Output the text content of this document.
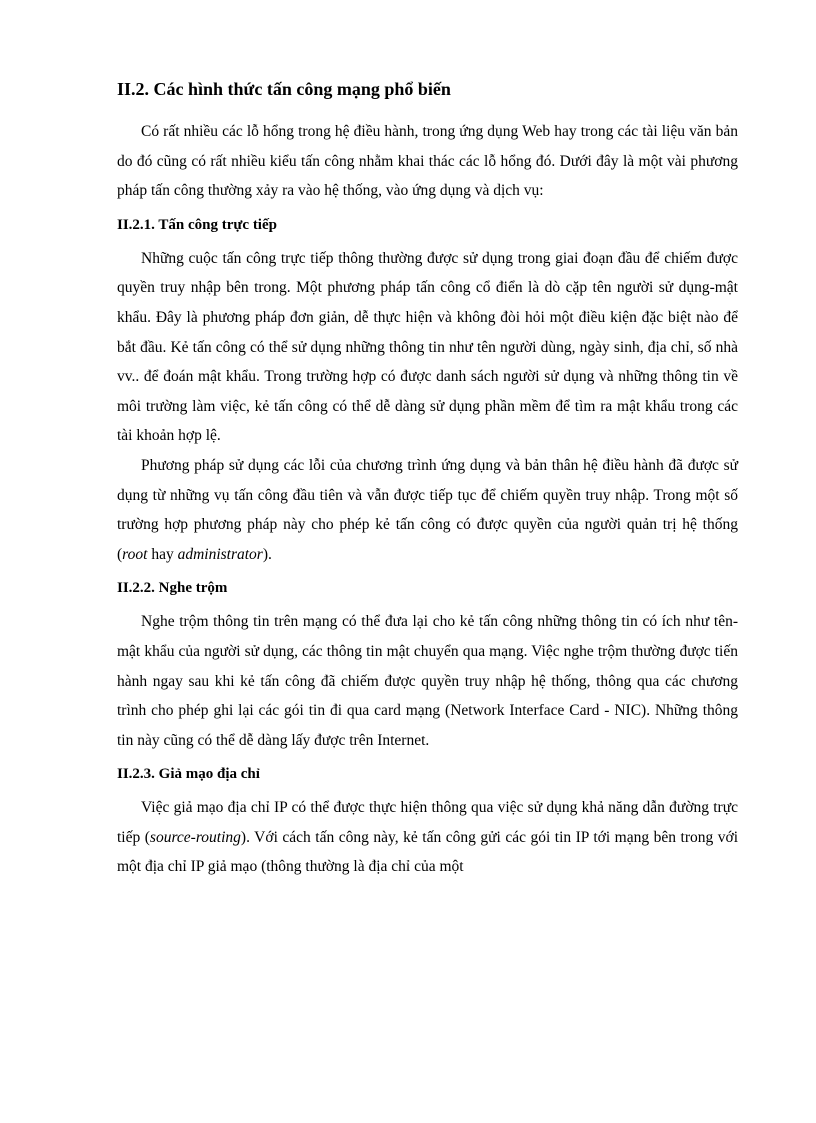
II.2. Các hình thức tấn công mạng phổ biến

Có rất nhiều các lỗ hổng trong hệ điều hành, trong ứng dụng Web hay trong các tài liệu văn bản do đó cũng có rất nhiều kiểu tấn công nhằm khai thác các lỗ hổng đó. Dưới đây là một vài phương pháp tấn công thường xảy ra vào hệ thống, vào ứng dụng và dịch vụ:

II.2.1. Tấn công trực tiếp

Những cuộc tấn công trực tiếp thông thường được sử dụng trong giai đoạn đầu để chiếm được quyền truy nhập bên trong. Một phương pháp tấn công cổ điển là dò cặp tên người sử dụng-mật khẩu. Đây là phương pháp đơn giản, dễ thực hiện và không đòi hỏi một điều kiện đặc biệt nào để bắt đầu. Kẻ tấn công có thể sử dụng những thông tin như tên người dùng, ngày sinh, địa chỉ, số nhà vv.. để đoán mật khẩu. Trong trường hợp có được danh sách người sử dụng và những thông tin về môi trường làm việc, kẻ tấn công có thể dễ dàng sử dụng phần mềm để tìm ra mật khẩu trong các tài khoản hợp lệ.

Phương pháp sử dụng các lỗi của chương trình ứng dụng và bản thân hệ điều hành đã được sử dụng từ những vụ tấn công đầu tiên và vẫn được tiếp tục để chiếm quyền truy nhập. Trong một số trường hợp phương pháp này cho phép kẻ tấn công có được quyền của người quản trị hệ thống (root hay administrator).

II.2.2. Nghe trộm

Nghe trộm thông tin trên mạng có thể đưa lại cho kẻ tấn công những thông tin có ích như tên-mật khẩu của người sử dụng, các thông tin mật chuyển qua mạng. Việc nghe trộm thường được tiến hành ngay sau khi kẻ tấn công đã chiếm được quyền truy nhập hệ thống, thông qua các chương trình cho phép ghi lại các gói tin đi qua card mạng (Network Interface Card - NIC). Những thông tin này cũng có thể dễ dàng lấy được trên Internet.

II.2.3. Giả mạo địa chỉ

Việc giả mạo địa chỉ IP có thể được thực hiện thông qua việc sử dụng khả năng dẫn đường trực tiếp (source-routing). Với cách tấn công này, kẻ tấn công gửi các gói tin IP tới mạng bên trong với một địa chỉ IP giả mạo (thông thường là địa chỉ của một
